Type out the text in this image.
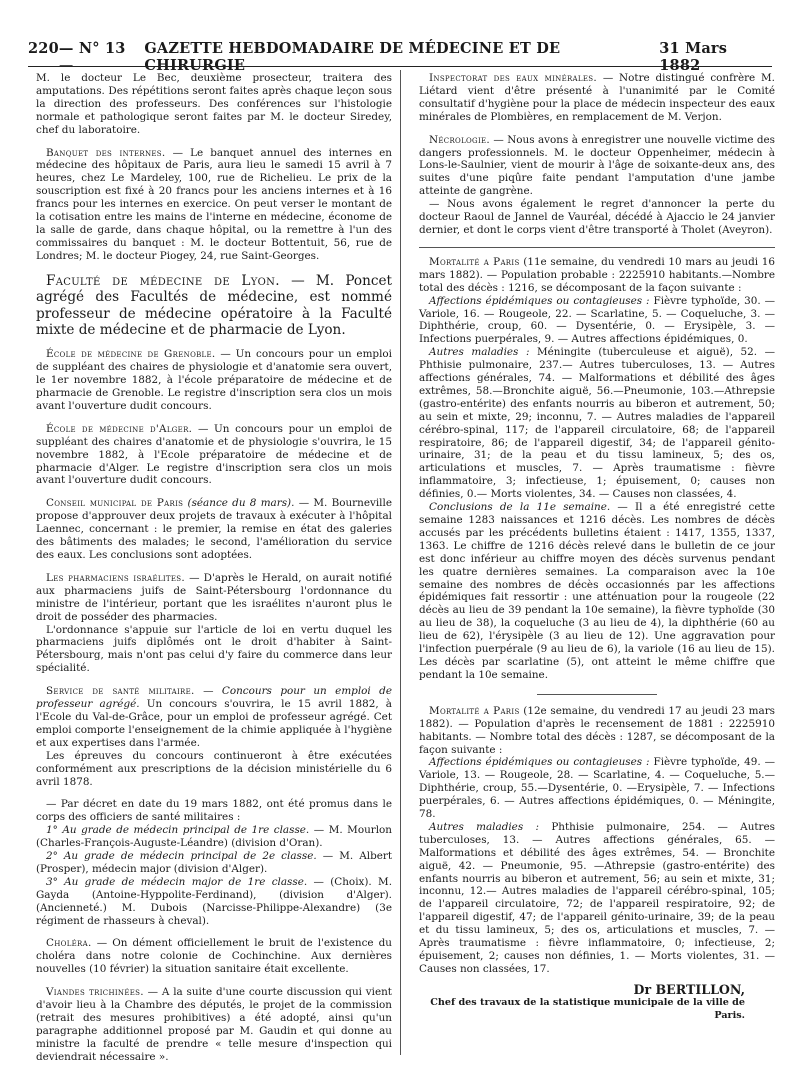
220 — N° 13 —
GAZETTE HEBDOMADAIRE DE MÉDECINE ET DE CHIRURGIE
31 Mars 1882

M. le docteur Le Bec, deuxième prosecteur, traitera des amputations. Des répétitions seront faites après chaque leçon sous la direction des professeurs. Des conférences sur l'histologie normale et pathologique seront faites par M. le docteur Siredey, chef du laboratoire.

Banquet des internes. — Le banquet annuel des internes en médecine des hôpitaux de Paris, aura lieu le samedi 15 avril à 7 heures, chez Le Mardeley, 100, rue de Richelieu. Le prix de la souscription est fixé à 20 francs pour les anciens internes et à 16 francs pour les internes en exercice. On peut verser le montant de la cotisation entre les mains de l'interne en médecine, économe de la salle de garde, dans chaque hôpital, ou la remettre à l'un des commissaires du banquet : M. le docteur Bottentuit, 56, rue de Londres; M. le docteur Piogey, 24, rue Saint-Georges.

Faculté de médecine de Lyon. — M. Poncet agrégé des Facultés de médecine, est nommé professeur de médecine opératoire à la Faculté mixte de médecine et de pharmacie de Lyon.

École de médecine de Grenoble. — Un concours pour un emploi de suppléant des chaires de physiologie et d'anatomie sera ouvert, le 1er novembre 1882, à l'école préparatoire de médecine et de pharmacie de Grenoble. Le registre d'inscription sera clos un mois avant l'ouverture dudit concours.

École de médecine d'Alger. — Un concours pour un emploi de suppléant des chaires d'anatomie et de physiologie s'ouvrira, le 15 novembre 1882, à l'Ecole préparatoire de médecine et de pharmacie d'Alger. Le registre d'inscription sera clos un mois avant l'ouverture dudit concours.

Conseil municipal de Paris (séance du 8 mars). — M. Bourneville propose d'approuver deux projets de travaux à exécuter à l'hôpital Laennec, concernant : le premier, la remise en état des galeries des bâtiments des malades; le second, l'amélioration du service des eaux. Les conclusions sont adoptées.

Les pharmaciens israélites. — D'après le Herald, on aurait notifié aux pharmaciens juifs de Saint-Pétersbourg l'ordonnance du ministre de l'intérieur, portant que les israélites n'auront plus le droit de posséder des pharmacies.

L'ordonnance s'appuie sur l'article de loi en vertu duquel les pharmaciens juifs diplômés ont le droit d'habiter à Saint-Pétersbourg, mais n'ont pas celui d'y faire du commerce dans leur spécialité.

Service de santé militaire. — Concours pour un emploi de professeur agrégé. Un concours s'ouvrira, le 15 avril 1882, à l'Ecole du Val-de-Grâce, pour un emploi de professeur agrégé. Cet emploi comporte l'enseignement de la chimie appliquée à l'hygiène et aux expertises dans l'armée.

Les épreuves du concours continueront à être exécutées conformément aux prescriptions de la décision ministérielle du 6 avril 1878.

— Par décret en date du 19 mars 1882, ont été promus dans le corps des officiers de santé militaires :

1° Au grade de médecin principal de 1re classe. — M. Mourlon (Charles-François-Auguste-Léandre) (division d'Oran).

2° Au grade de médecin principal de 2e classe. — M. Albert (Prosper), médecin major (division d'Alger).

3° Au grade de médecin major de 1re classe. — (Choix). M. Gayda (Antoine-Hyppolite-Ferdinand), (division d'Alger). (Ancienneté.) M. Dubois (Narcisse-Philippe-Alexandre) (3e régiment de rhasseurs à cheval).

Choléra. — On dément officiellement le bruit de l'existence du choléra dans notre colonie de Cochinchine. Aux dernières nouvelles (10 février) la situation sanitaire était excellente.

Viandes trichinées. — A la suite d'une courte discussion qui vient d'avoir lieu à la Chambre des députés, le projet de la commission (retrait des mesures prohibitives) a été adopté, ainsi qu'un paragraphe additionnel proposé par M. Gaudin et qui donne au ministre la faculté de prendre « telle mesure d'inspection qui deviendrait nécessaire ».

Inspectorat des eaux minérales. — Notre distingué confrère M. Liétard vient d'être présenté à l'unanimité par le Comité consultatif d'hygiène pour la place de médecin inspecteur des eaux minérales de Plombières, en remplacement de M. Verjon.

Nécrologie. — Nous avons à enregistrer une nouvelle victime des dangers professionnels. M. le docteur Oppenheimer, médecin à Lons-le-Saulnier, vient de mourir à l'âge de soixante-deux ans, des suites d'une piqûre faite pendant l'amputation d'une jambe atteinte de gangrène.

— Nous avons également le regret d'annoncer la perte du docteur Raoul de Jannel de Vauréal, décédé à Ajaccio le 24 janvier dernier, et dont le corps vient d'être transporté à Tholet (Aveyron).

Mortalité a Paris (11e semaine, du vendredi 10 mars au jeudi 16 mars 1882). — Population probable : 2225910 habitants.—Nombre total des décès : 1216, se décomposant de la façon suivante :

Affections épidémiques ou contagieuses : Fièvre typhoïde, 30. — Variole, 16. — Rougeole, 22. — Scarlatine, 5. — Coqueluche, 3. — Diphthérie, croup, 60. — Dysentérie, 0. — Erysipèle, 3. — Infections puerpérales, 9. — Autres affections épidémiques, 0.

Autres maladies : Méningite (tuberculeuse et aiguë), 52. — Phthisie pulmonaire, 237.— Autres tuberculoses, 13. — Autres affections générales, 74. — Malformations et débilité des âges extrêmes, 58.—Bronchite aiguë, 56.—Pneumonie, 103.—Athrepsie (gastro-entérite) des enfants nourris au biberon et autrement, 50; au sein et mixte, 29; inconnu, 7. — Autres maladies de l'appareil cérébro-spinal, 117; de l'appareil circulatoire, 68; de l'appareil respiratoire, 86; de l'appareil digestif, 34; de l'appareil génito-urinaire, 31; de la peau et du tissu lamineux, 5; des os, articulations et muscles, 7. — Après traumatisme : fièvre inflammatoire, 3; infectieuse, 1; épuisement, 0; causes non définies, 0.— Morts violentes, 34. — Causes non classées, 4.

Conclusions de la 11e semaine. — Il a été enregistré cette semaine 1283 naissances et 1216 décès. Les nombres de décès accusés par les précédents bulletins étaient : 1417, 1355, 1337, 1363. Le chiffre de 1216 décès relevé dans le bulletin de ce jour est donc inférieur au chiffre moyen des décès survenus pendant les quatre dernières semaines. La comparaison avec la 10e semaine des nombres de décès occasionnés par les affections épidémiques fait ressortir : une atténuation pour la rougeole (22 décès au lieu de 39 pendant la 10e semaine), la fièvre typhoïde (30 au lieu de 38), la coqueluche (3 au lieu de 4), la diphthérie (60 au lieu de 62), l'érysipèle (3 au lieu de 12). Une aggravation pour l'infection puerpérale (9 au lieu de 6), la variole (16 au lieu de 15). Les décès par scarlatine (5), ont atteint le même chiffre que pendant la 10e semaine.

Mortalité a Paris (12e semaine, du vendredi 17 au jeudi 23 mars 1882). — Population d'après le recensement de 1881 : 2225910 habitants. — Nombre total des décès : 1287, se décomposant de la façon suivante :

Affections épidémiques ou contagieuses : Fièvre typhoïde, 49. — Variole, 13. — Rougeole, 28. — Scarlatine, 4. — Coqueluche, 5.— Diphthérie, croup, 55.—Dysentérie, 0. —Erysipèle, 7. — Infections puerpérales, 6. — Autres affections épidémiques, 0. — Méningite, 78.

Autres maladies : Phthisie pulmonaire, 254. — Autres tuberculoses, 13. — Autres affections générales, 65. — Malformations et débilité des âges extrêmes, 54. — Bronchite aiguë, 42. — Pneumonie, 95. —Athrepsie (gastro-entérite) des enfants nourris au biberon et autrement, 56; au sein et mixte, 31; inconnu, 12.— Autres maladies de l'appareil cérébro-spinal, 105; de l'appareil circulatoire, 72; de l'appareil respiratoire, 92; de l'appareil digestif, 47; de l'appareil génito-urinaire, 39; de la peau et du tissu lamineux, 5; des os, articulations et muscles, 7. — Après traumatisme : fièvre inflammatoire, 0; infectieuse, 2; épuisement, 2; causes non définies, 1. — Morts violentes, 31. — Causes non classées, 17.

Dr BERTILLON,
Chef des travaux de la statistique municipale de la ville de Paris.
